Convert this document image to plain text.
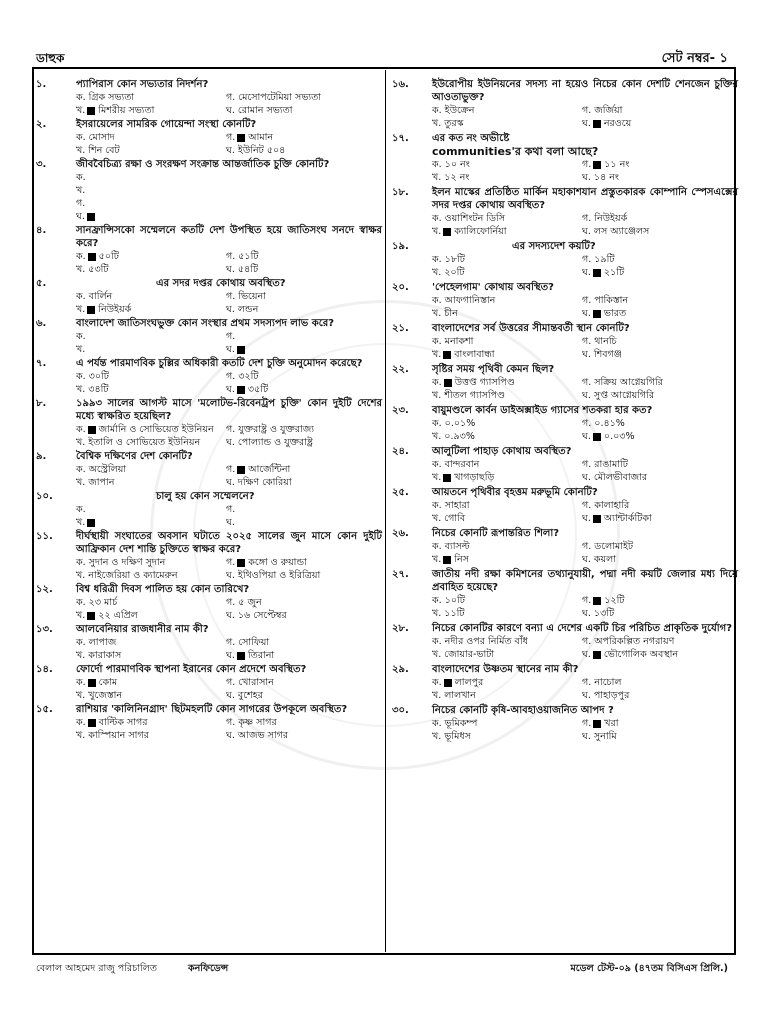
ডাহুক	সেট নম্বর- ১
১.	প্যাপিরাস কোন সভ্যতার নিদর্শন?
ক. গ্রিক সভ্যতা	গ. মেসোপটেমিয়া সভ্যতা
খ. মিশরীয় সভ্যতা	ঘ. রোমান সভ্যতা
২.	ইসরায়েলের সামরিক গোয়েন্দা সংস্থা কোনটি?
ক. মোসাদ	গ. আমান
খ. শিন বেট	ঘ. ইউনিট ৫০৪
৩.	জীববৈচিত্র্য রক্ষা ও সংরক্ষণ সংক্রান্ত আন্তর্জাতিক চুক্তি কোনটি?
ক.
খ.
গ.
ঘ.
৪.	সানফ্রান্সিসকো সম্মেলনে কতটি দেশ উপস্থিত হয়ে জাতিসংঘ সনদে স্বাক্ষর করে?
ক. ৫০টি	গ. ৫১টি
খ. ৫৩টি	ঘ. ৫৪টি
৫.	এর সদর দপ্তর কোথায় অবস্থিত?
ক. বার্লিন	গ. ভিয়েনা
খ. নিউইয়র্ক	ঘ. লন্ডন
৬.	বাংলাদেশ জাতিসংঘভুক্ত কোন সংস্থার প্রথম সদস্যপদ লাভ করে?
ক.	গ.
খ.	ঘ.
৭.	এ পর্যন্ত পারমাণবিক চুল্লির অধিকারী কতটি দেশ চুক্তি অনুমোদন করেছে?
ক. ৩০টি	গ. ৩২টি
খ. ৩৪টি	ঘ. ৩৫টি
৮.	১৯৯৩ সালের আগস্ট মাসে 'মলোটভ-রিবেনট্রপ চুক্তি' কোন দুইটি দেশের মধ্যে স্বাক্ষরিত হয়েছিল?
ক. জার্মানি ও সোভিয়েত ইউনিয়ন	গ. যুক্তরাষ্ট্র ও যুক্তরাজ্য
খ. ইতালি ও সোভিয়েত ইউনিয়ন	ঘ. পোল্যান্ড ও যুক্তরাষ্ট্র
৯.	বৈশ্বিক দক্ষিণের দেশ কোনটি?
ক. অস্ট্রেলিয়া	গ. আর্জেন্টিনা
খ. জাপান	ঘ. দক্ষিণ কোরিয়া
১০.	চালু হয় কোন সম্মেলনে?
ক.	গ.
খ.	ঘ.
১১.	দীর্ঘস্থায়ী সংঘাতের অবসান ঘটাতে ২০২৫ সালের জুন মাসে কোন দুইটি আফ্রিকান দেশ শান্তি চুক্তিতে স্বাক্ষর করে?
ক. সুদান ও দক্ষিণ সুদান	গ. কঙ্গো ও রুয়ান্ডা
খ. নাইজেরিয়া ও ক্যামেরুন	ঘ. ইথিওপিয়া ও ইরিত্রিয়া
১২.	বিশ্ব ধরিত্রী দিবস পালিত হয় কোন তারিখে?
ক. ২৩ মার্চ	গ. ৫ জুন
খ. ২২ এপ্রিল	ঘ. ১৬ সেপ্টেম্বর
১৩.	আলবেনিয়ার রাজধানীর নাম কী?
ক. লাপাজ	গ. সোফিয়া
খ. কারাকাস	ঘ. তিরানা
১৪.	ফোর্দো পারমাণবিক স্থাপনা ইরানের কোন প্রদেশে অবস্থিত?
ক. কোম	গ. খোরাসান
খ. খুজেস্তান	ঘ. বুশেহর
১৫.	রাশিয়ার 'কালিনিনগ্রাদ' ছিটমহলটি কোন সাগরের উপকূলে অবস্থিত?
ক. বাল্টিক সাগর	গ. কৃষ্ণ সাগর
খ. কাস্পিয়ান সাগর	ঘ. আজভ সাগর
১৬.	ইউরোপীয় ইউনিয়নের সদস্য না হয়েও নিচের কোন দেশটি শেনজেন চুক্তির আওতাভুক্ত?
ক. ইউক্রেন	গ. জর্জিয়া
খ. তুরস্ক	ঘ. নরওয়ে
১৭.	এর কত নং অভীষ্টে
communities'র কথা বলা আছে?
ক. ১০ নং	গ. ১১ নং
খ. ১২ নং	ঘ. ১৪ নং
১৮.	ইলন মাস্কের প্রতিষ্ঠিত মার্কিন মহাকাশযান প্রস্তুতকারক কোম্পানি স্পেসএক্সের সদর দপ্তর কোথায় অবস্থিত?
ক. ওয়াশিংটন ডিসি	গ. নিউইয়র্ক
খ. ক্যালিফোর্নিয়া	ঘ. লস অ্যাঞ্জেলস
১৯.	এর সদস্যদেশ কয়টি?
ক. ১৮টি	গ. ১৯টি
খ. ২০টি	ঘ. ২১টি
২০.	'পেহেলগাম' কোথায় অবস্থিত?
ক. আফগানিস্তান	গ. পাকিস্তান
খ. চীন	ঘ. ভারত
২১.	বাংলাদেশের সর্ব উত্তরের সীমান্তবর্তী স্থান কোনটি?
ক. মনাকশা	গ. থানচি
খ. বাংলাবান্ধা	ঘ. শিবগঞ্জ
২২.	সৃষ্টির সময় পৃথিবী কেমন ছিল?
ক. উত্তপ্ত গ্যাসপিণ্ড	গ. সক্রিয় আগ্নেয়গিরি
খ. শীতল গ্যাসপিণ্ড	ঘ. সুপ্ত আগ্নেয়গিরি
২৩.	বায়ুমণ্ডলে কার্বন ডাইঅক্সাইড গ্যাসের শতকরা হার কত?
ক. ০.০১%	গ. ০.৪১%
খ. ০.৯৩%	ঘ. ০.০৩%
২৪.	আলুটিলা পাহাড় কোথায় অবস্থিত?
ক. বান্দরবান	গ. রাঙামাটি
খ. খাগড়াছড়ি	ঘ. মৌলভীবাজার
২৫.	আয়তনে পৃথিবীর বৃহত্তম মরুভূমি কোনটি?
ক. সাহারা	গ. কালাহারি
খ. গোবি	ঘ. অ্যান্টার্কটিকা
২৬.	নিচের কোনটি রূপান্তরিত শিলা?
ক. ব্যাসল্ট	গ. ডলোমাইট
খ. নিস	ঘ. কয়লা
২৭.	জাতীয় নদী রক্ষা কমিশনের তথ্যানুযায়ী, পদ্মা নদী কয়টি জেলার মধ্য দিয়ে প্রবাহিত হয়েছে?
ক. ১০টি	গ. ১২টি
খ. ১১টি	ঘ. ১৩টি
২৮.	নিচের কোনটির কারণে বন্যা এ দেশের একটি চির পরিচিত প্রাকৃতিক দুর্যোগ?
ক. নদীর ওপর নির্মিত বাঁধ	গ. অপরিকল্পিত নগরায়ণ
খ. জোয়ার-ভাটা	ঘ. ভৌগোলিক অবস্থান
২৯.	বাংলাদেশের উষ্ণতম স্থানের নাম কী?
ক. লালপুর	গ. নাচোল
খ. লালখান	ঘ. পাহাড়পুর
৩০.	নিচের কোনটি কৃষি-আবহাওয়াজনিত আপদ ?
ক. ভূমিকম্প	গ. খরা
খ. ভূমিধস	ঘ. সুনামি
বেলাল আহমেদ রাজু পরিচালিত	কনফিডেন্স	মডেল টেস্ট-০৯ (৪৭তম বিসিএস প্রিলি.)
